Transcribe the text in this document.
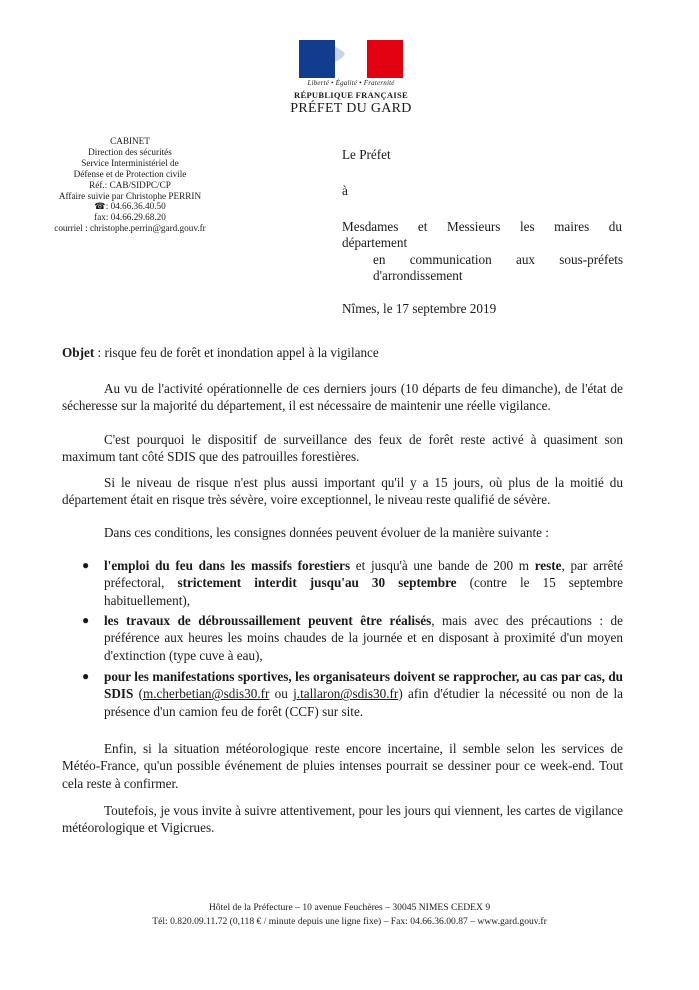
Liberté • Égalité • Fraternité
RÉPUBLIQUE FRANÇAISE
PRÉFET DU GARD
CABINET
Direction des sécurités
Service Interministériel de
Défense et de Protection civile
Réf.: CAB/SIDPC/CP
Affaire suivie par Christophe PERRIN
☎: 04.66.36.40.50
fax: 04.66.29.68.20
courriel : christophe.perrin@gard.gouv.fr
Le Préfet
à
Mesdames et Messieurs les maires du
département
en communication aux sous-préfets
d'arrondissement
Nîmes, le 17 septembre 2019
Objet : risque feu de forêt et inondation appel à la vigilance
Au vu de l'activité opérationnelle de ces derniers jours (10 départs de feu dimanche), de l'état de sécheresse sur la majorité du département, il est nécessaire de maintenir une réelle vigilance.
C'est pourquoi le dispositif de surveillance des feux de forêt reste activé à quasiment son maximum tant côté SDIS que des patrouilles forestières.
Si le niveau de risque n'est plus aussi important qu'il y a 15 jours, où plus de la moitié du département était en risque très sévère, voire exceptionnel, le niveau reste qualifié de sévère.
Dans ces conditions, les consignes données peuvent évoluer de la manière suivante :
● l'emploi du feu dans les massifs forestiers et jusqu'à une bande de 200 m reste, par arrêté préfectoral, strictement interdit jusqu'au 30 septembre (contre le 15 septembre habituellement),
● les travaux de débroussaillement peuvent être réalisés, mais avec des précautions : de préférence aux heures les moins chaudes de la journée et en disposant à proximité d'un moyen d'extinction (type cuve à eau),
● pour les manifestations sportives, les organisateurs doivent se rapprocher, au cas par cas, du SDIS (m.cherbetian@sdis30.fr ou j.tallaron@sdis30.fr) afin d'étudier la nécessité ou non de la présence d'un camion feu de forêt (CCF) sur site.
Enfin, si la situation météorologique reste encore incertaine, il semble selon les services de Météo-France, qu'un possible événement de pluies intenses pourrait se dessiner pour ce week-end. Tout cela reste à confirmer.
Toutefois, je vous invite à suivre attentivement, pour les jours qui viennent, les cartes de vigilance météorologique et Vigicrues.
Hôtel de la Préfecture – 10 avenue Feuchères – 30045 NIMES CEDEX 9
Tél: 0.820.09.11.72 (0,118 € / minute depuis une ligne fixe) – Fax: 04.66.36.00.87 – www.gard.gouv.fr
